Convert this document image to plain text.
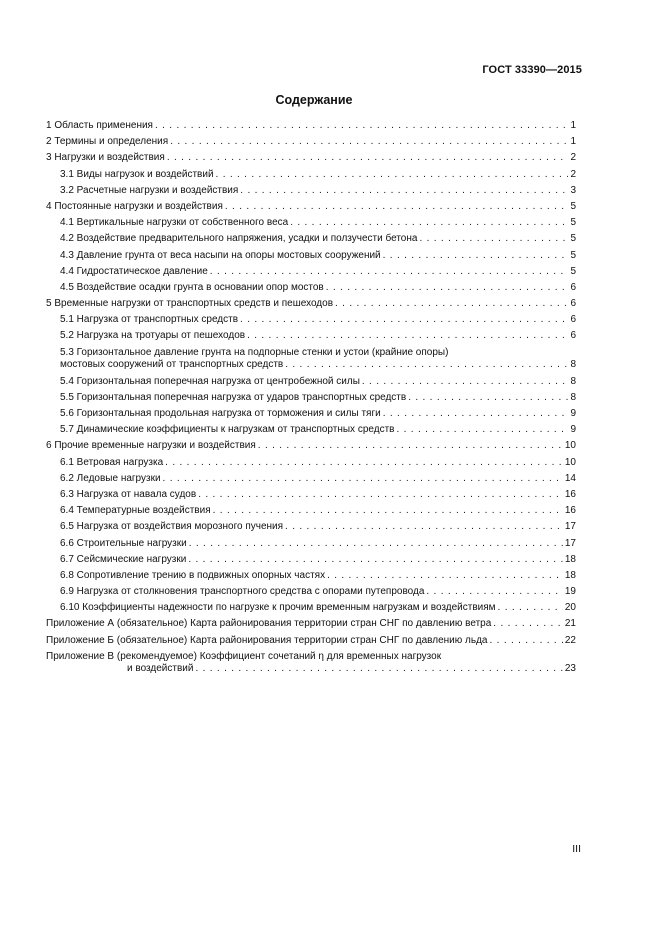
ГОСТ 33390—2015
Содержание
1 Область применения . . .	1
2 Термины и определения . . .	1
3 Нагрузки и воздействия . . .	2
3.1 Виды нагрузок и воздействий . . .	2
3.2 Расчетные нагрузки и воздействия . . .	3
4 Постоянные нагрузки и воздействия . . .	5
4.1 Вертикальные нагрузки от собственного веса . . .	5
4.2 Воздействие предварительного напряжения, усадки и ползучести бетона . . .	5
4.3 Давление грунта от веса насыпи на опоры мостовых сооружений . . .	5
4.4 Гидростатическое давление . . .	5
4.5 Воздействие осадки грунта в основании опор мостов . . .	6
5 Временные нагрузки от транспортных средств и пешеходов . . .	6
5.1 Нагрузка от транспортных средств . . .	6
5.2 Нагрузка на тротуары от пешеходов . . .	6
5.3 Горизонтальное давление грунта на подпорные стенки и устои (крайние опоры)
мостовых сооружений от транспортных средств . . .	8
5.4 Горизонтальная поперечная нагрузка от центробежной силы . . .	8
5.5 Горизонтальная поперечная нагрузка от ударов транспортных средств . . .	8
5.6 Горизонтальная продольная нагрузка от торможения и силы тяги . . .	9
5.7 Динамические коэффициенты к нагрузкам от транспортных средств . . .	9
6 Прочие временные нагрузки и воздействия . . .	10
6.1 Ветровая нагрузка . . .	10
6.2 Ледовые нагрузки . . .	14
6.3 Нагрузка от навала судов . . .	16
6.4 Температурные воздействия . . .	16
6.5 Нагрузка от воздействия морозного пучения . . .	17
6.6 Строительные нагрузки . . .	17
6.7 Сейсмические нагрузки . . .	18
6.8 Сопротивление трению в подвижных опорных частях . . .	18
6.9 Нагрузка от столкновения транспортного средства с опорами путепровода . . .	19
6.10 Коэффициенты надежности по нагрузке к прочим временным нагрузкам и воздействиям . . .	20
Приложение А (обязательное) Карта районирования территории стран СНГ по давлению ветра . . .	21
Приложение Б (обязательное) Карта районирования территории стран СНГ по давлению льда . . .	22
Приложение В (рекомендуемое) Коэффициент сочетаний η для временных нагрузок
и воздействий . . .	23
III
